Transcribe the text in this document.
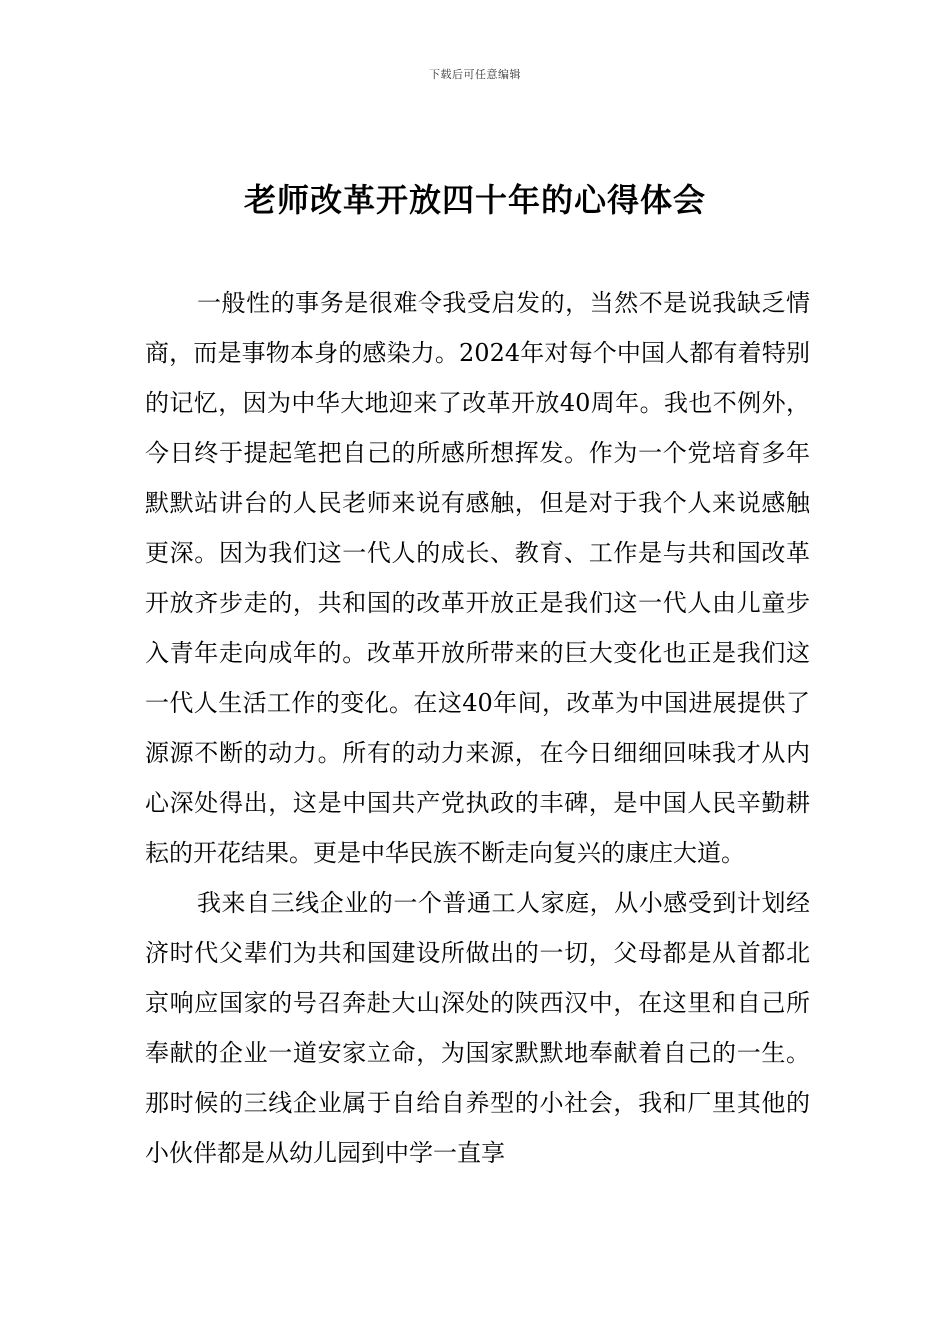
下载后可任意编辑
老师改革开放四十年的心得体会

一般性的事务是很难令我受启发的，当然不是说我缺乏情商，而是事物本身的感染力。2024年对每个中国人都有着特别的记忆，因为中华大地迎来了改革开放40周年。我也不例外，今日终于提起笔把自己的所感所想挥发。作为一个党培育多年默默站讲台的人民老师来说有感触，但是对于我个人来说感触更深。因为我们这一代人的成长、教育、工作是与共和国改革开放齐步走的，共和国的改革开放正是我们这一代人由儿童步入青年走向成年的。改革开放所带来的巨大变化也正是我们这一代人生活工作的变化。在这40年间，改革为中国进展提供了源源不断的动力。所有的动力来源，在今日细细回味我才从内心深处得出，这是中国共产党执政的丰碑，是中国人民辛勤耕耘的开花结果。更是中华民族不断走向复兴的康庄大道。

我来自三线企业的一个普通工人家庭，从小感受到计划经济时代父辈们为共和国建设所做出的一切，父母都是从首都北京响应国家的号召奔赴大山深处的陕西汉中，在这里和自己所奉献的企业一道安家立命，为国家默默地奉献着自己的一生。那时候的三线企业属于自给自养型的小社会，我和厂里其他的小伙伴都是从幼儿园到中学一直享
